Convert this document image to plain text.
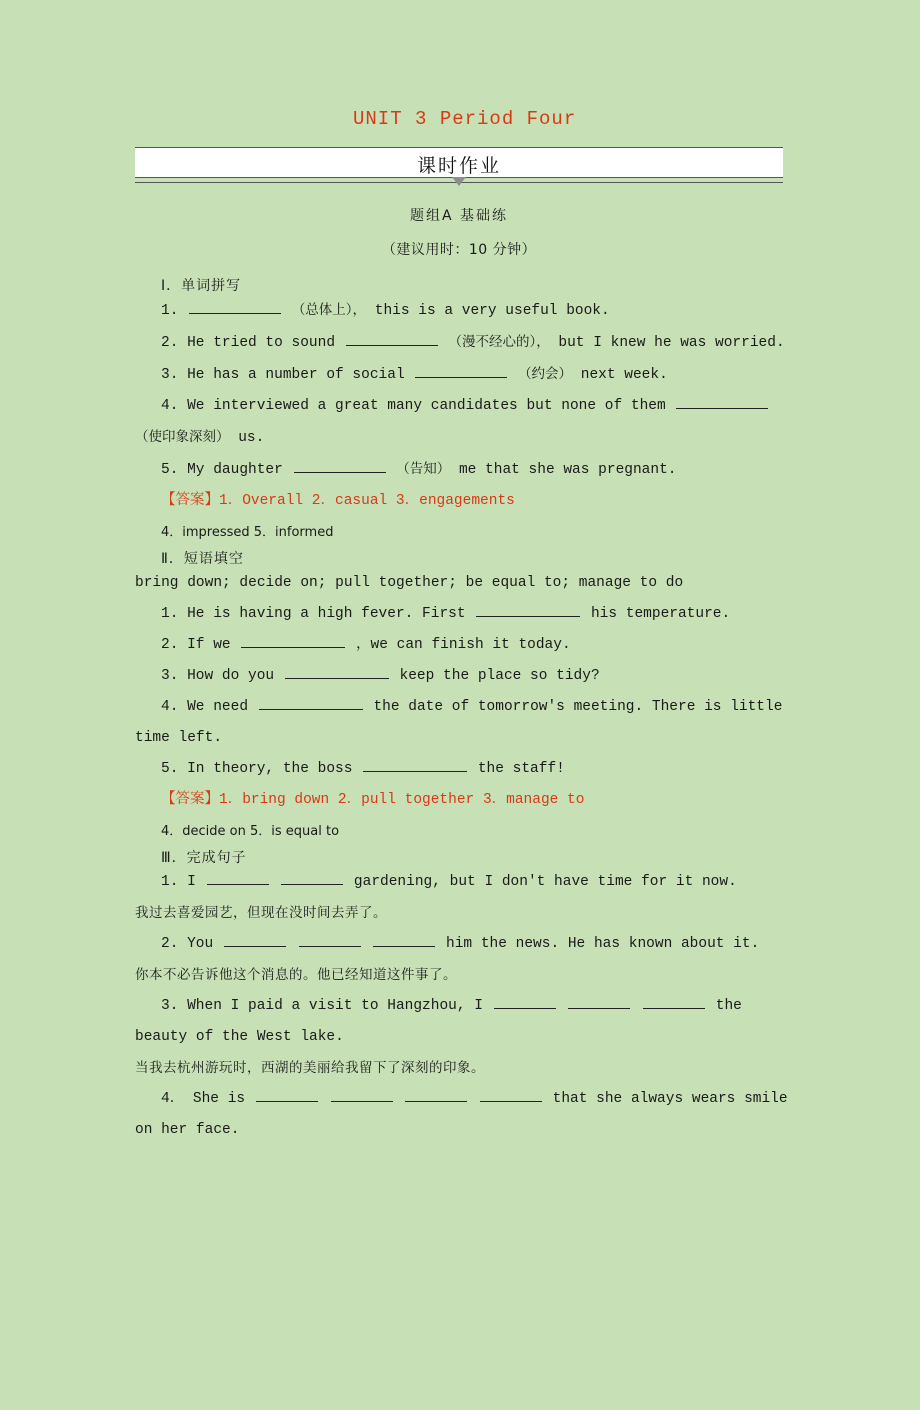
UNIT 3 Period Four
课时作业
题组A 基础练
（建议用时：10 分钟）
Ⅰ．单词拼写

1.	（总体上）， this is a very useful book.

2. He tried to sound	（漫不经心的）， but I knew he was worried.

3. He has a number of social	（约会） next week.

4. We interviewed a great many candidates but none of them  （使印象深刻） us.

5. My daughter	（告知） me that she was pregnant.

【答案】1．Overall 2．casual 3．engagements

4．impressed 5．informed

Ⅱ．短语填空

bring down; decide on; pull together; be equal to; manage to do

1. He is having a high fever. First	his temperature.

2. If we	，we can finish it today.

3. How do you	keep the place so tidy?

4. We need	the date of tomorrow's meeting. There is little time left.

5. In theory, the boss	the staff!

【答案】1．bring down 2．pull together 3．manage to

4．decide on 5．is equal to

Ⅲ．完成句子

1. I	gardening, but I don't have time for it now.

我过去喜爱园艺，但现在没时间去弄了。

2. You	him the news. He has known about it.

你本不必告诉他这个消息的。他已经知道这件事了。

3. When I paid a visit to Hangzhou, I	the beauty of the West lake.

当我去杭州游玩时，西湖的美丽给我留下了深刻的印象。

4． She is	that she always wears smile on her face.
